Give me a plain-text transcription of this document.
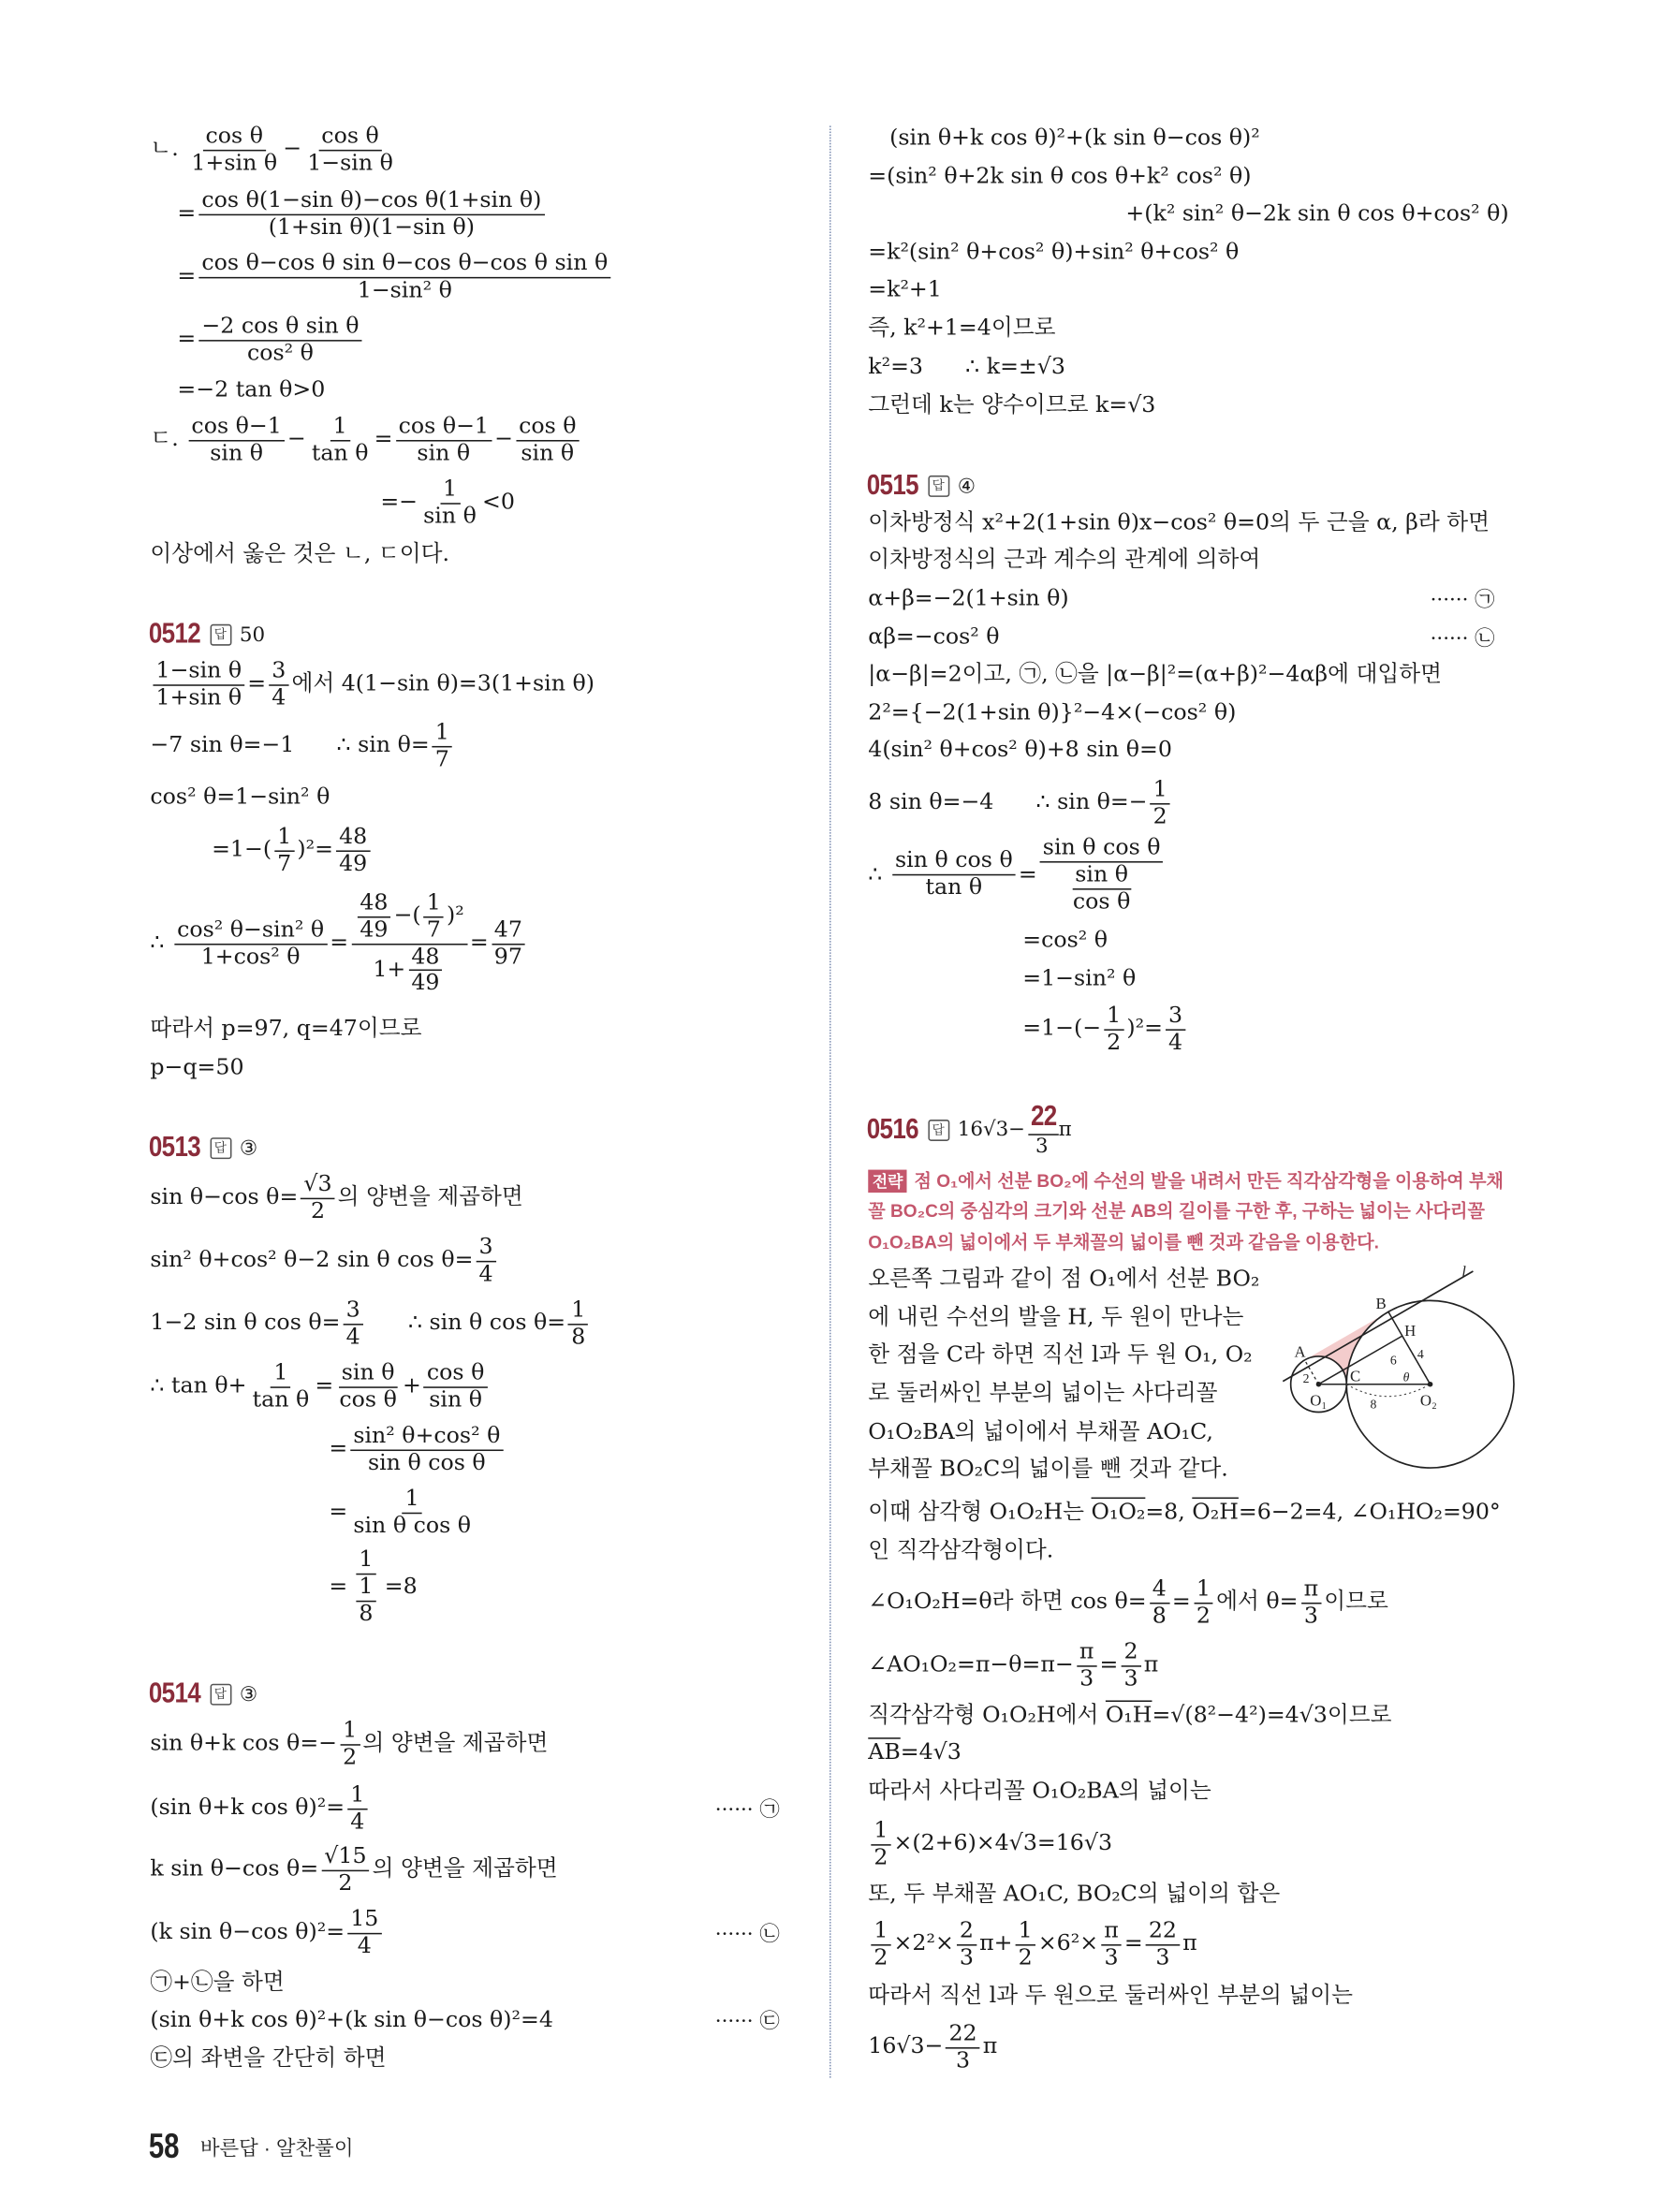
ㄴ. $\frac{\text{cos θ}}{\text{1+sin θ}} - \frac{\text{cos θ}}{\text{1−sin θ}}$
= $\frac{\text{cos θ(1−sin θ)−cos θ(1+sin θ)}}{\text{(1+sin θ)(1−sin θ)}}$
= $\frac{\text{cos θ−cos θ sin θ−cos θ−cos θ sin θ}}{\text{1−sin² θ}}$
= $\frac{\text{−2 cos θ sin θ}}{\text{cos² θ}}$
=−2 tan θ>0
ㄷ. $\frac{\text{cos θ−1}}{\text{sin θ}} - \frac{1}{\text{tan θ}} = \frac{\text{cos θ−1}}{\text{sin θ}} - \frac{\text{cos θ}}{\text{sin θ}}$
=− $\frac{1}{\text{sin θ}} <0$
이상에서 옳은 것은 ㄴ, ㄷ이다.
0512	답 50
$\frac{\text{1−sin θ}}{\text{1+sin θ}} = \frac{3}{4}$ 에서 4(1−sin θ)=3(1+sin θ)
−7 sin θ=−1      ∴ $\sin \theta= \frac{1}{7}$
cos² θ=1−sin² θ
$=1-( \frac{1}{7} )^2= \frac{48}{49}$
∴ $\frac{\text{cos² θ−sin² θ}}{\text{1+cos² θ}} = \frac{\frac{48}{49} -( \frac{1}{7} )^2}{1+ \frac{48}{49}} = \frac{47}{97}$
따라서 p=97, q=47이므로
p−q=50
0513	답 ③
sin θ−cos $\theta= \frac{√3}{2}$ 의 양변을 제곱하면
sin² θ+cos² θ−2 sin θ $\cos \theta= \frac{3}{4}$
1−2 sin θ $\cos \theta= \frac{3}{4}$ ∴ sin θ $\cos \theta= \frac{1}{8}$
∴ $\tan \theta+ \frac{1}{\text{tan θ}} = \frac{\text{sin θ}}{\text{cos θ}} + \frac{\text{cos θ}}{\text{sin θ}}$
= $\frac{\text{sin² θ+cos² θ}}{\text{sin θ cos θ}}$
= $\frac{1}{\text{sin θ cos θ}}$
= $\frac{1}{\frac{1}{8}} =8$
0514	답 ③
sin θ+k $\cos \theta=- \frac{1}{2}$ 의 양변을 제곱하면
(sin θ+k $\cos \theta)^2= \frac{1}{4}$	······ ㉠
k sin θ−cos $\theta= \frac{√15}{2}$ 의 양변을 제곱하면
(k sin θ−cos $\theta)^2= \frac{15}{4}$	······ ㉡
㉠+㉡을 하면
(sin θ+k cos θ)²+(k sin θ−cos θ)²=4	······ ㉢
㉢의 좌변을 간단히 하면
(sin θ+k cos θ)²+(k sin θ−cos θ)²
=(sin² θ+2k sin θ cos θ+k² cos² θ)
+(k² sin² θ−2k sin θ cos θ+cos² θ)
=k²(sin² θ+cos² θ)+sin² θ+cos² θ
=k²+1
즉, k²+1=4이므로
k²=3      ∴ k=±√3
그런데 k는 양수이므로 k=√3
0515	답 ④
이차방정식 x²+2(1+sin θ)x−cos² θ=0의 두 근을 α, β라 하면
이차방정식의 근과 계수의 관계에 의하여
α+β=−2(1+sin θ)	······ ㉠
αβ=−cos² θ	······ ㉡
|α−β|=2이고, ㉠, ㉡을 |α−β|²=(α+β)²−4αβ에 대입하면
2²={−2(1+sin θ)}²−4×(−cos² θ)
4(sin² θ+cos² θ)+8 sin θ=0
8 sin θ=−4      ∴ $\sin \theta=- \frac{1}{2}$
∴ $\frac{\text{sin θ cos θ}}{\text{tan θ}} = \frac{\text{sin θ cos θ}}{\frac{\text{sin θ}}{\text{cos θ}}}$
=cos² θ
=1−sin² θ
$=1-(- \frac{1}{2} )^2= \frac{3}{4}$
0516	답 $16√3- \frac{22}{3}$ π
전략 점 O₁에서 선분 BO₂에 수선의 발을 내려서 만든 직각삼각형을 이용하여 부채
꼴 BO₂C의 중심각의 크기와 선분 AB의 길이를 구한 후, 구하는 넓이는 사다리꼴
O₁O₂BA의 넓이에서 두 부채꼴의 넓이를 뺀 것과 같음을 이용한다.
오른쪽 그림과 같이 점 O₁에서 선분 BO₂
에 내린 수선의 발을 H, 두 원이 만나는
한 점을 C라 하면 직선 l과 두 원 O₁, O₂
로 둘러싸인 부분의 넓이는 사다리꼴
O₁O₂BA의 넓이에서 부채꼴 AO₁C,
부채꼴 BO₂C의 넓이를 뺀 것과 같다.
l
B
H
A
C
O₁	O₂
2
6 4
8
θ
이때 삼각형 O₁O₂H는 O₁O₂ =8, O₂H =6−2=4, ∠O₁HO₂=90°
인 직각삼각형이다.
∠O₁O₂H=θ라 하면 $\cos \theta= \frac{4}{8} = \frac{1}{2}$ 에서 $\theta= \frac{\pi}{3}$ 이므로
∠AO₁O₂=π−θ=π− $\frac{\pi}{3} = \frac{2}{3}$ π
직각삼각형 O₁O₂H에서 O₁H =√(8²−4²)=4√3이므로
$\overline{AB} =4√3$
따라서 사다리꼴 O₁O₂BA의 넓이는
$\frac{1}{2} \times(2+6)\times 4√3=16√3$
또, 두 부채꼴 AO₁C, BO₂C의 넓이의 합은
$\frac{1}{2} \times 2^2\times \frac{2}{3} \pi+ \frac{1}{2} \times 6^2\times \frac{\pi}{3} = \frac{22}{3}$ π
따라서 직선 l과 두 원으로 둘러싸인 부분의 넓이는
$16√3- \frac{22}{3}$ π
58 바른답 · 알찬풀이
